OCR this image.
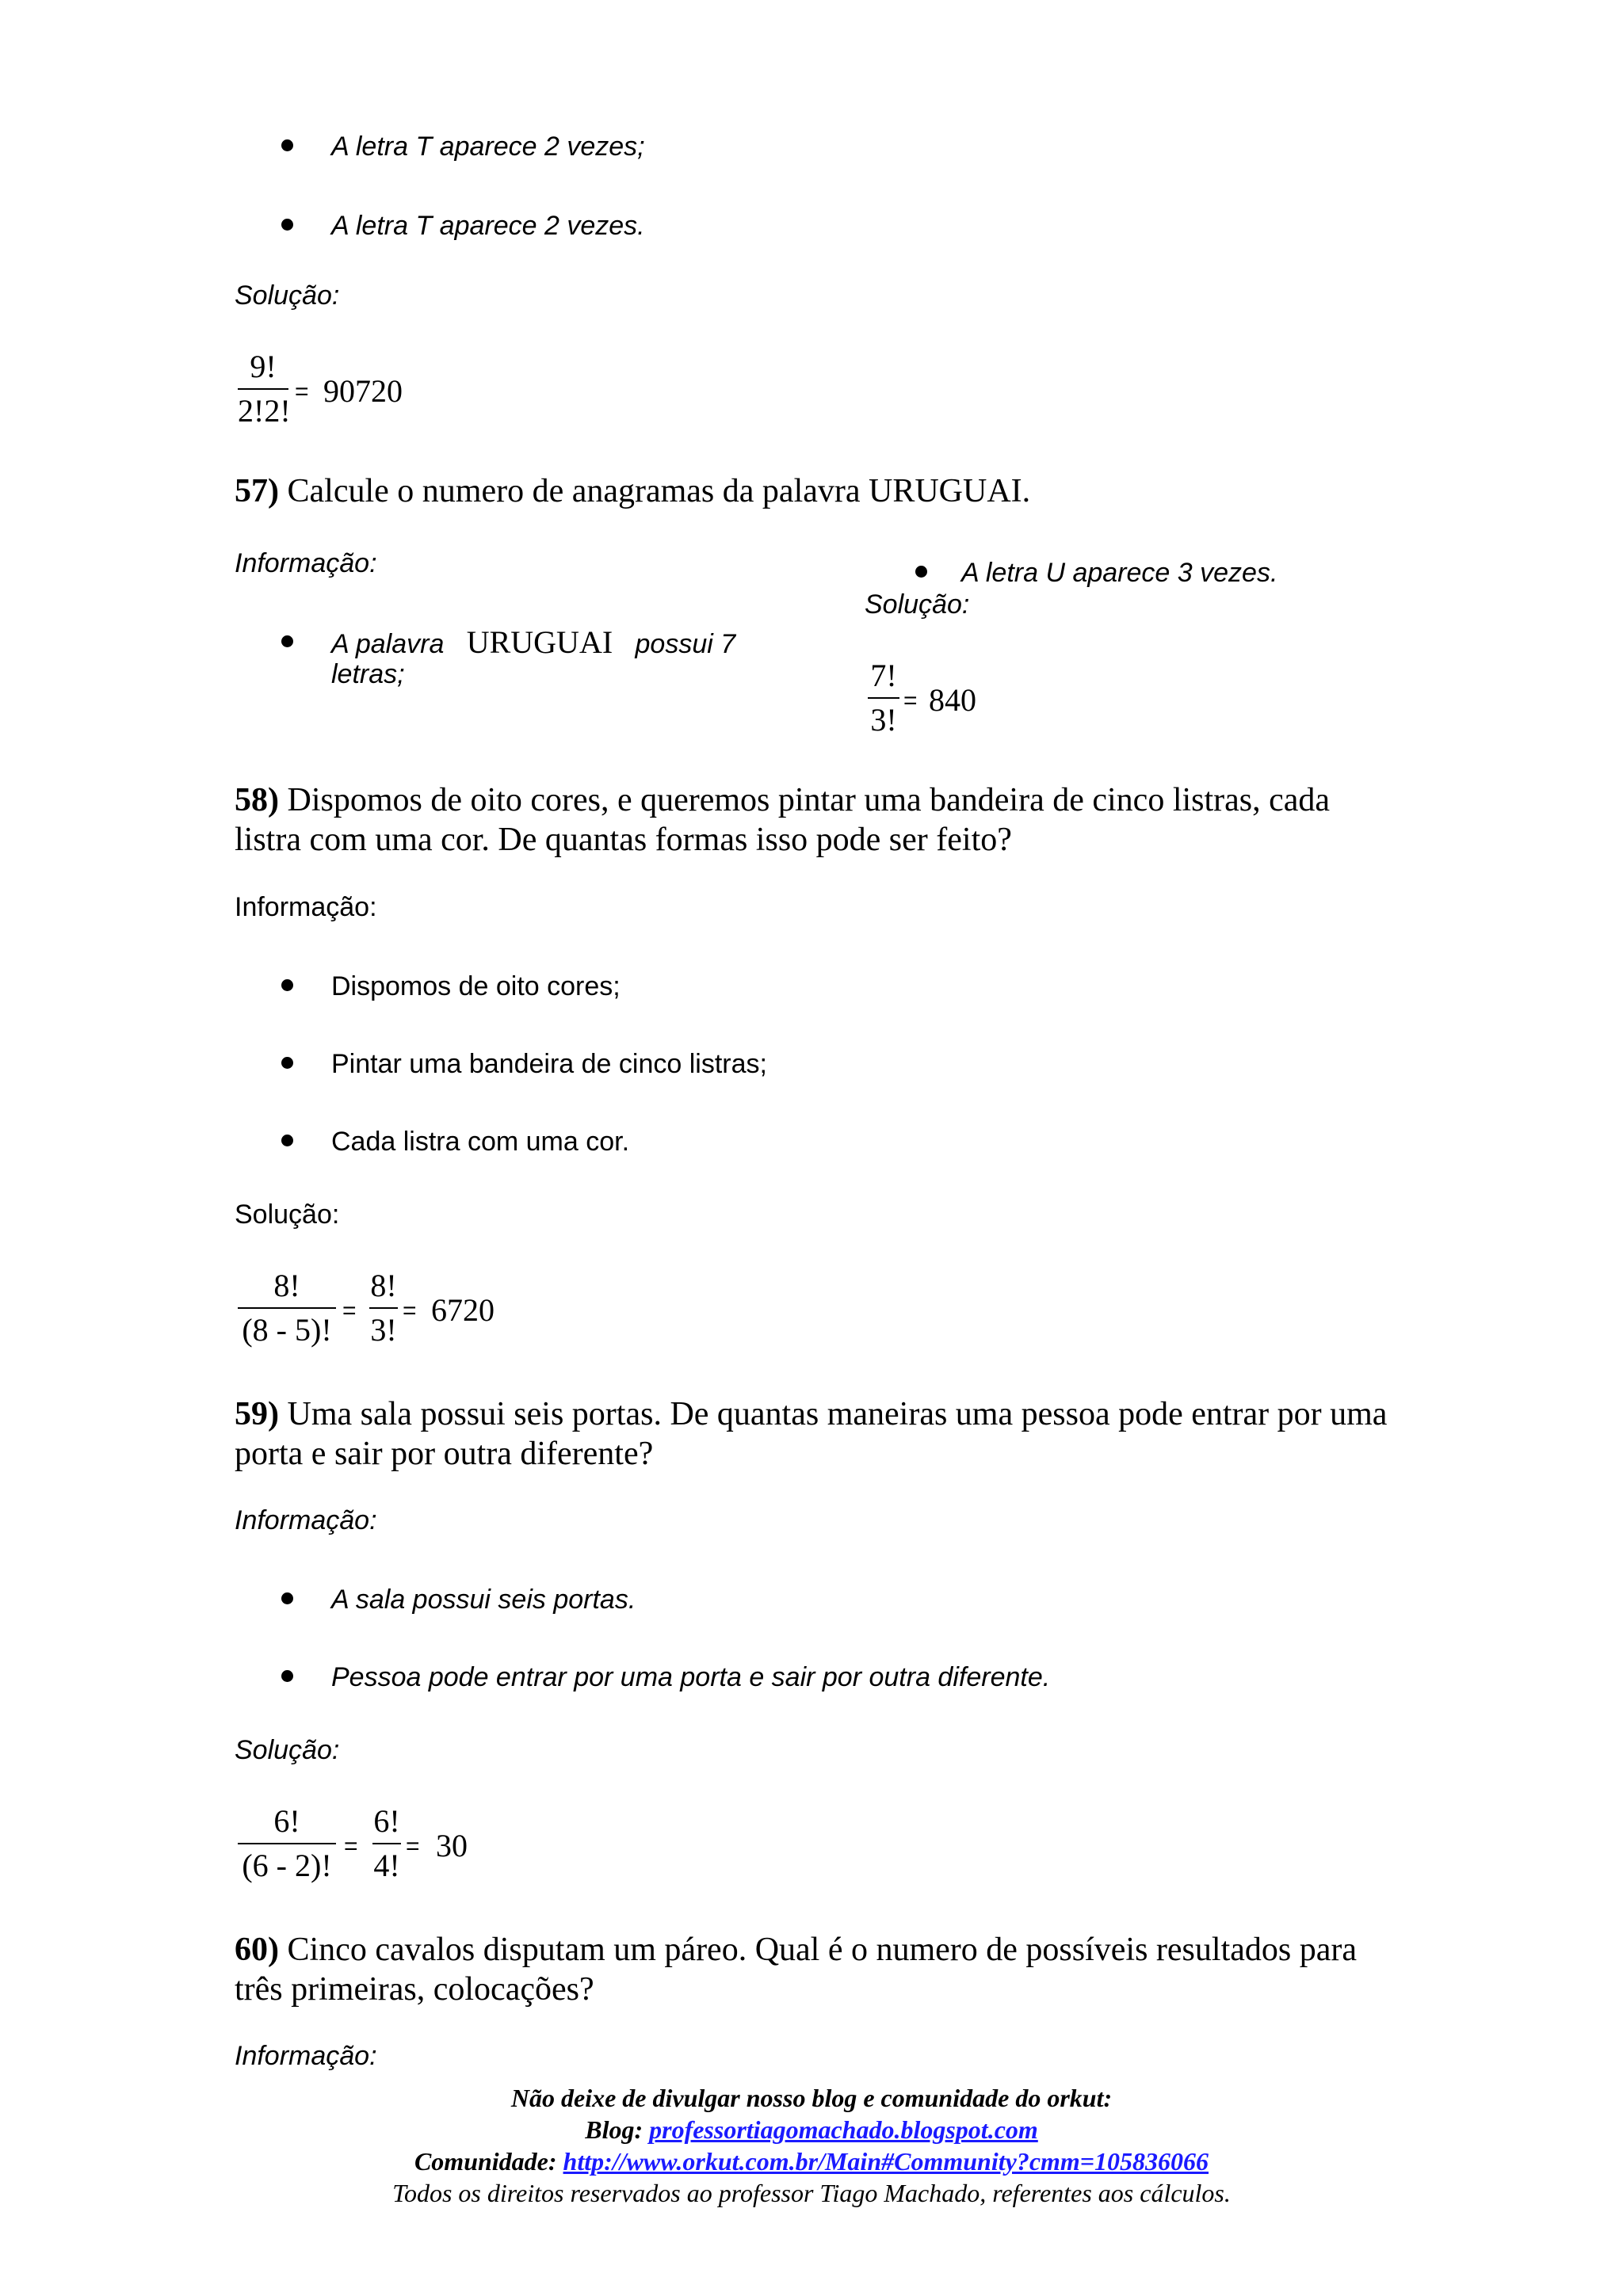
A letra T aparece 2 vezes;
A letra T aparece 2 vezes.
Solução:
9!
2!2!
= 90720
57) Calcule o numero de anagramas da palavra URUGUAI.
Informação:
A palavra URUGUAI possui 7
letras;
A letra U aparece 3 vezes.
Solução:
7!
3!
= 840
58) Dispomos de oito cores, e queremos pintar uma bandeira de cinco listras, cada listra com uma cor. De quantas formas isso pode ser feito?
Informação:
Dispomos de oito cores;
Pintar uma bandeira de cinco listras;
Cada listra com uma cor.
Solução:
8!
(8 - 5)!
=
8!
3!
= 6720
59) Uma sala possui seis portas. De quantas maneiras uma pessoa pode entrar por uma porta e sair por outra diferente?
Informação:
A sala possui seis portas.
Pessoa pode entrar por uma porta e sair por outra diferente.
Solução:
6!
(6 - 2)!
=
6!
4!
= 30
60) Cinco cavalos disputam um páreo. Qual é o numero de possíveis resultados para três primeiras, colocações?
Informação:
Não deixe de divulgar nosso blog e comunidade do orkut:
Blog: professortiagomachado.blogspot.com
Comunidade: http://www.orkut.com.br/Main#Community?cmm=105836066
Todos os direitos reservados ao professor Tiago Machado, referentes aos cálculos.
